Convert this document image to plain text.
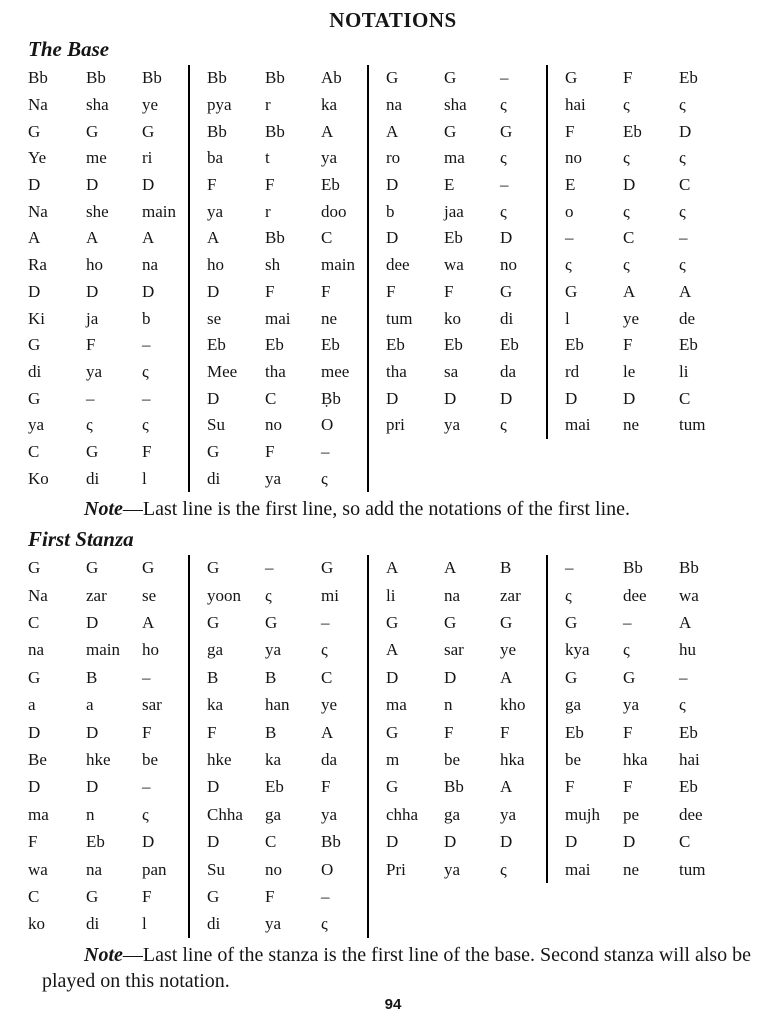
NOTATIONS
The Base
Bb	Bb	Bb
Na	sha	ye
G	G	G
Ye	me	ri
D	D	D
Na	she	main
A	A	A
Ra	ho	na
D	D	D
Ki	ja	b
G	F	–
di	ya	ς
G	–	–
ya	ς	ς
C	G	F
Ko	di	l
Bb	Bb	Ab
pya	r	ka
Bb	Bb	A
ba	t	ya
F	F	Eb
ya	r	doo
A	Bb	C
ho	sh	main
D	F	F
se	mai	ne
Eb	Eb	Eb
Mee	tha	mee
D	C	Ḅb
Su	no	O
G	F	–
di	ya	ς
G	G	–
na	sha	ς
A	G	G
ro	ma	ς
D	E	–
b	jaa	ς
D	Eb	D
dee	wa	no
F	F	G
tum	ko	di
Eb	Eb	Eb
tha	sa	da
D	D	D
pri	ya	ς
G	F	Eb
hai	ς	ς
F	Eb	D
no	ς	ς
E	D	C
o	ς	ς
–	C	–
ς	ς	ς
G	A	A
l	ye	de
Eb	F	Eb
rd	le	li
D	D	C
mai	ne	tum

Note—Last line is the first line, so add the notations of the first line.

First Stanza
G	G	G
Na	zar	se
C	D	A
na	main	ho
G	B	–
a	a	sar
D	D	F
Be	hke	be
D	D	–
ma	n	ς
F	Eb	D
wa	na	pan
C	G	F
ko	di	l
G	–	G
yoon	ς	mi
G	G	–
ga	ya	ς
B	B	C
ka	han	ye
F	B	A
hke	ka	da
D	Eb	F
Chha	ga	ya
D	C	Bb
Su	no	O
G	F	–
di	ya	ς
A	A	B
li	na	zar
G	G	G
A	sar	ye
D	D	A
ma	n	kho
G	F	F
m	be	hka
G	Bb	A
chha	ga	ya
D	D	D
Pri	ya	ς
–	Bb	Bb
ς	dee	wa
G	–	A
kya	ς	hu
G	G	–
ga	ya	ς
Eb	F	Eb
be	hka	hai
F	F	Eb
mujh	pe	dee
D	D	C
mai	ne	tum

Note—Last line of the stanza is the first line of the base. Second stanza will also be played on this notation.

94
